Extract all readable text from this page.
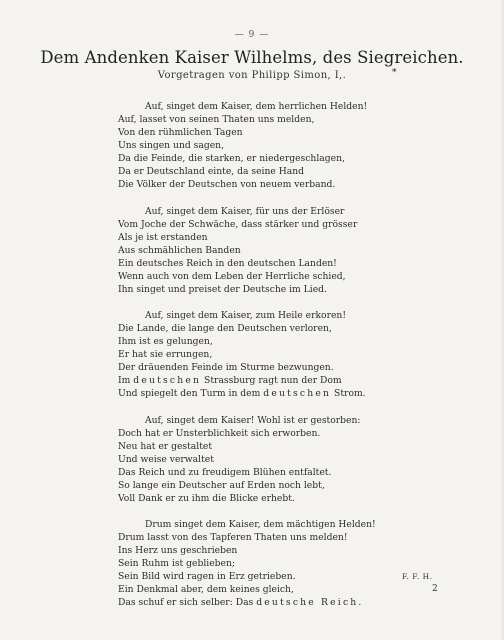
— 9 —
Dem Andenken Kaiser Wilhelms, des Siegreichen.
Vorgetragen von Philipp Simon, I,.	*
Auf, singet dem Kaiser, dem herrlichen Helden!
Auf, lasset von seinen Thaten uns melden,
Von den rühmlichen Tagen
Uns singen und sagen,
Da die Feinde, die starken, er niedergeschlagen,
Da er Deutschland einte, da seine Hand
Die Völker der Deutschen von neuem verband.
Auf, singet dem Kaiser, für uns der Erlöser
Vom Joche der Schwäche, dass stärker und grösser
Als je ist erstanden
Aus schmählichen Banden
Ein deutsches Reich in den deutschen Landen!
Wenn auch von dem Leben der Herrliche schied,
Ihn singet und preiset der Deutsche im Lied.
Auf, singet dem Kaiser, zum Heile erkoren!
Die Lande, die lange den Deutschen verloren,
Ihm ist es gelungen,
Er hat sie errungen,
Der dräuenden Feinde im Sturme bezwungen.
Im deutschen Strassburg ragt nun der Dom
Und spiegelt den Turm in dem deutschen Strom.
Auf, singet dem Kaiser! Wohl ist er gestorben:
Doch hat er Unsterblichkeit sich erworben.
Neu hat er gestaltet
Und weise verwaltet
Das Reich und zu freudigem Blühen entfaltet.
So lange ein Deutscher auf Erden noch lebt,
Voll Dank er zu ihm die Blicke erhebt.
Drum singet dem Kaiser, dem mächtigen Helden!
Drum lasst von des Tapferen Thaten uns melden!
Ins Herz uns geschrieben
Sein Ruhm ist geblieben;
Sein Bild wird ragen in Erz getrieben.
Ein Denkmal aber, dem keines gleich,
Das schuf er sich selber: Das deutsche Reich.
F. F. H.
2
